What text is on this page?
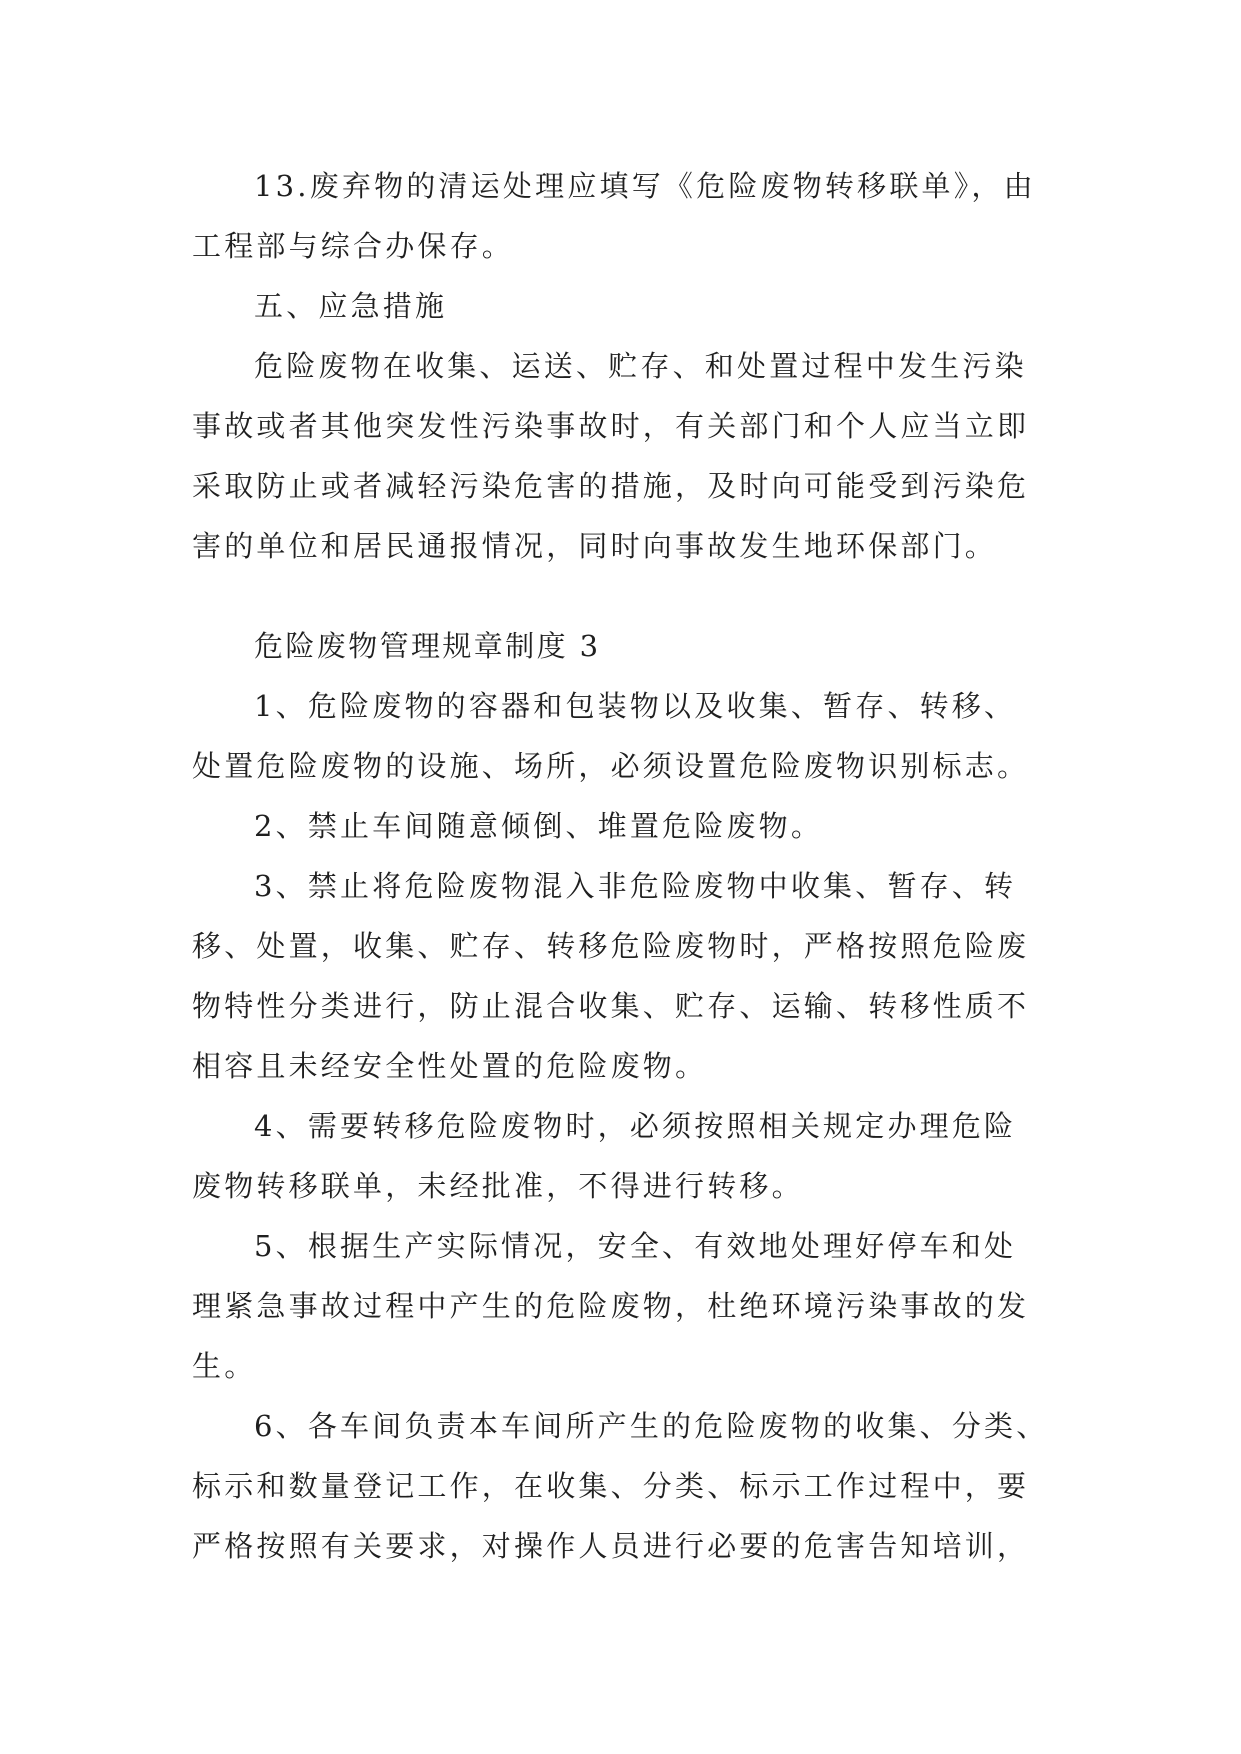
13.废弃物的清运处理应填写《危险废物转移联单》，由

工程部与综合办保存。

五、应急措施

危险废物在收集、运送、贮存、和处置过程中发生污染

事故或者其他突发性污染事故时，有关部门和个人应当立即

采取防止或者减轻污染危害的措施，及时向可能受到污染危

害的单位和居民通报情况，同时向事故发生地环保部门。

危险废物管理规章制度 3

1、危险废物的容器和包装物以及收集、暂存、转移、

处置危险废物的设施、场所，必须设置危险废物识别标志。

2、禁止车间随意倾倒、堆置危险废物。

3、禁止将危险废物混入非危险废物中收集、暂存、转

移、处置，收集、贮存、转移危险废物时，严格按照危险废

物特性分类进行，防止混合收集、贮存、运输、转移性质不

相容且未经安全性处置的危险废物。

4、需要转移危险废物时，必须按照相关规定办理危险

废物转移联单，未经批准，不得进行转移。

5、根据生产实际情况，安全、有效地处理好停车和处

理紧急事故过程中产生的危险废物，杜绝环境污染事故的发

生。

6、各车间负责本车间所产生的危险废物的收集、分类、

标示和数量登记工作，在收集、分类、标示工作过程中，要

严格按照有关要求，对操作人员进行必要的危害告知培训，
